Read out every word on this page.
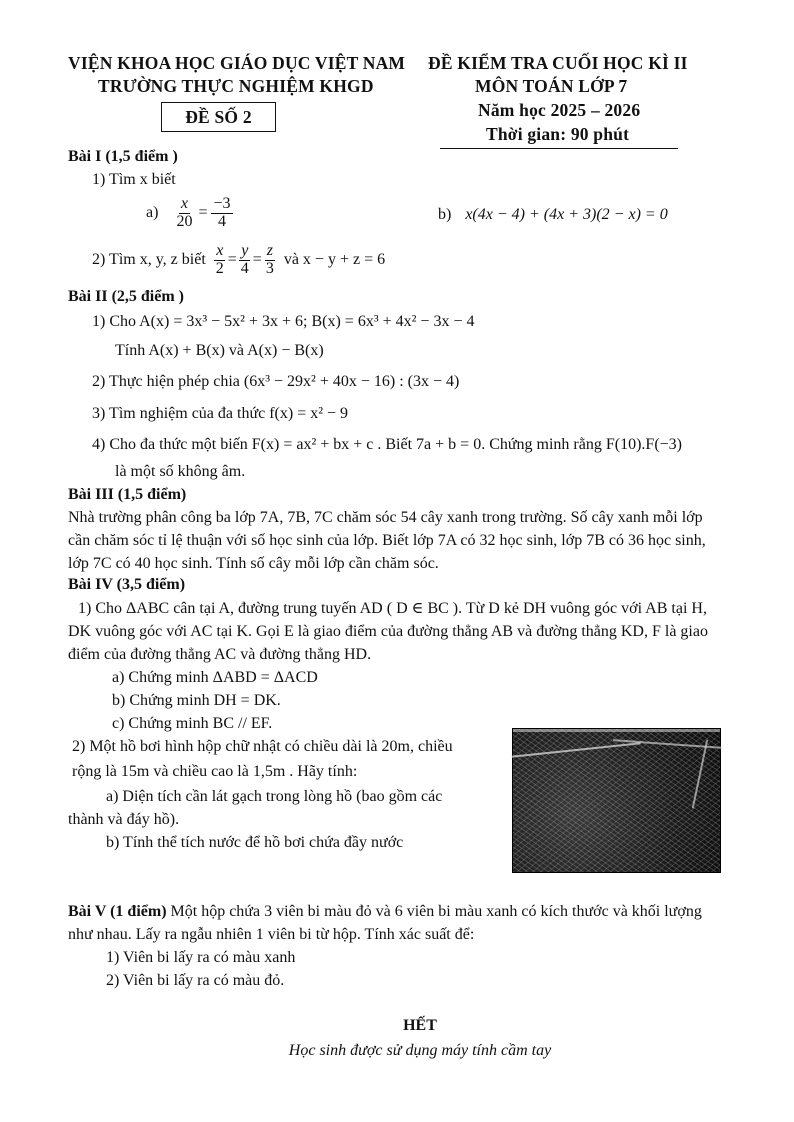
VIỆN KHOA HỌC GIÁO DỤC VIỆT NAM
TRƯỜNG THỰC NGHIỆM KHGD
ĐỀ SỐ 2
ĐỀ KIỂM TRA CUỐI HỌC KÌ II
MÔN TOÁN LỚP 7
Năm học 2025 – 2026
Thời gian: 90 phút
Bài I (1,5 điểm )
1) Tìm x biết
$a) \frac{x}{20} = \frac{-3}{4}$	b) x(4x − 4) + (4x + 3)(2 − x) = 0
2) Tìm x, y, z biết $\frac{x}{2} = \frac{y}{4} = \frac{z}{3}$ và x − y + z = 6
Bài II (2,5 điểm )
1) Cho A(x) = 3x³ − 5x² + 3x + 6; B(x) = 6x³ + 4x² − 3x − 4
Tính A(x) + B(x) và A(x) − B(x)
2) Thực hiện phép chia (6x³ − 29x² + 40x − 16) : (3x − 4)
3) Tìm nghiệm của đa thức f(x) = x² − 9
4) Cho đa thức một biến F(x) = ax² + bx + c . Biết 7a + b = 0. Chứng minh rằng F(10).F(−3)
là một số không âm.
Bài III (1,5 điểm)
Nhà trường phân công ba lớp 7A, 7B, 7C chăm sóc 54 cây xanh trong trường. Số cây xanh mỗi lớp
cần chăm sóc tỉ lệ thuận với số học sinh của lớp. Biết lớp 7A có 32 học sinh, lớp 7B có 36 học sinh,
lớp 7C có 40 học sinh. Tính số cây mỗi lớp cần chăm sóc.
Bài IV (3,5 điểm)
1) Cho ΔABC cân tại A, đường trung tuyến AD ( D ∈ BC ). Từ D kẻ DH vuông góc với AB tại H,
DK vuông góc với AC tại K. Gọi E là giao điểm của đường thẳng AB và đường thẳng KD, F là giao
điểm của đường thẳng AC và đường thẳng HD.
a) Chứng minh ΔABD = ΔACD
b) Chứng minh DH = DK.
c) Chứng minh BC // EF.
2) Một hồ bơi hình hộp chữ nhật có chiều dài là 20m, chiều
rộng là 15m và chiều cao là 1,5m . Hãy tính:
a) Diện tích cần lát gạch trong lòng hồ (bao gồm các
thành và đáy hồ).
b) Tính thể tích nước để hồ bơi chứa đầy nước
Bài V (1 điểm) Một hộp chứa 3 viên bi màu đỏ và 6 viên bi màu xanh có kích thước và khối lượng
như nhau. Lấy ra ngẫu nhiên 1 viên bi từ hộp. Tính xác suất để:
1) Viên bi lấy ra có màu xanh
2) Viên bi lấy ra có màu đỏ.
HẾT
Học sinh được sử dụng máy tính cầm tay
